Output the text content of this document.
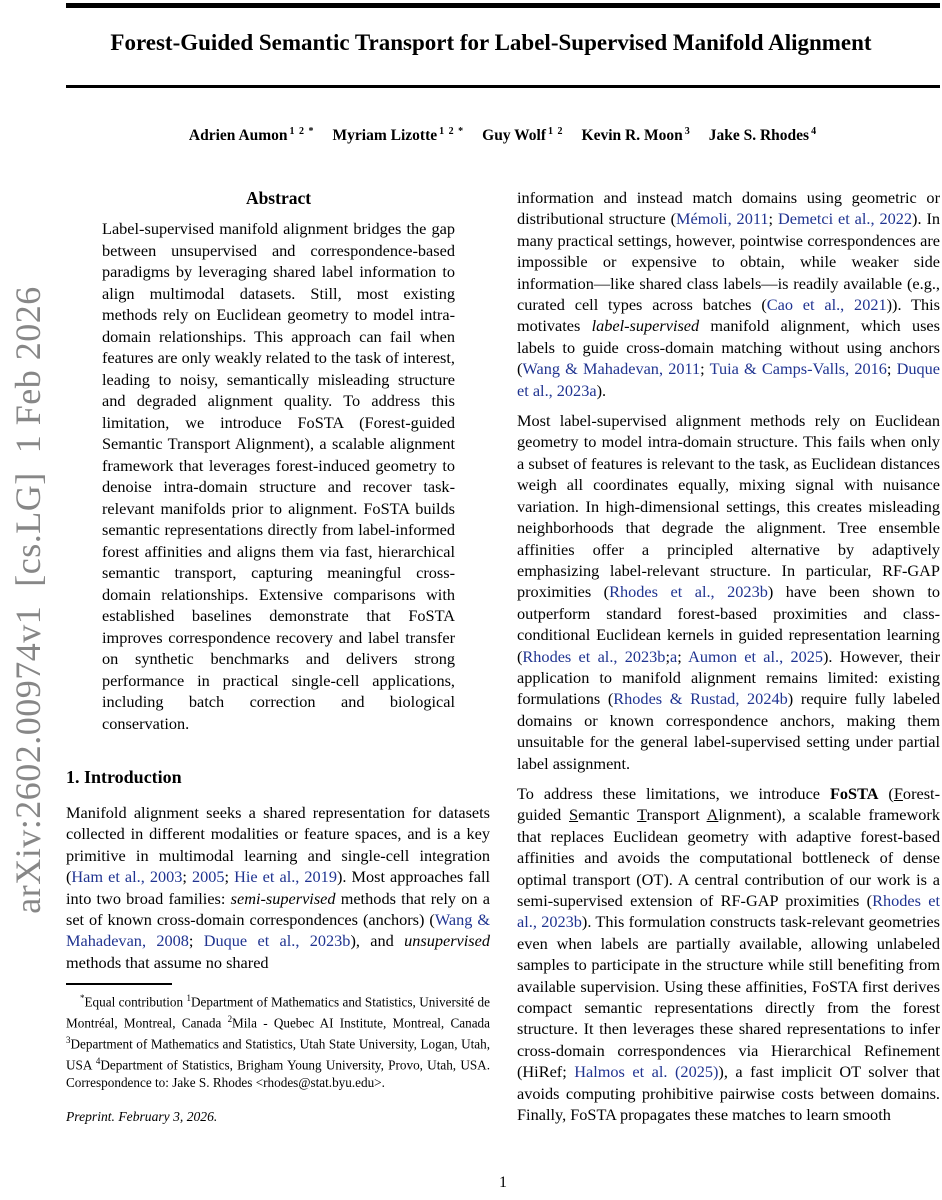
arXiv:2602.00974v1  [cs.LG]  1 Feb 2026
Forest-Guided Semantic Transport for Label-Supervised Manifold Alignment
Adrien Aumon $^{1 2 *}$ Myriam Lizotte $^{1 2 *}$ Guy Wolf $^{1 2}$ Kevin R. Moon $^3$ Jake S. Rhodes $^4$
Abstract
Label-supervised manifold alignment bridges the gap between unsupervised and correspondence-based paradigms by leveraging shared label information to align multimodal datasets. Still, most existing methods rely on Euclidean geometry to model intra-domain relationships. This approach can fail when features are only weakly related to the task of interest, leading to noisy, semantically misleading structure and degraded alignment quality. To address this limitation, we introduce FoSTA (Forest-guided Semantic Transport Alignment), a scalable alignment framework that leverages forest-induced geometry to denoise intra-domain structure and recover task-relevant manifolds prior to alignment. FoSTA builds semantic representations directly from label-informed forest affinities and aligns them via fast, hierarchical semantic transport, capturing meaningful cross-domain relationships. Extensive comparisons with established baselines demonstrate that FoSTA improves correspondence recovery and label transfer on synthetic benchmarks and delivers strong performance in practical single-cell applications, including batch correction and biological conservation.
1. Introduction
Manifold alignment seeks a shared representation for datasets collected in different modalities or feature spaces, and is a key primitive in multimodal learning and single-cell integration (Ham et al., 2003; 2005; Hie et al., 2019). Most approaches fall into two broad families: semi-supervised methods that rely on a set of known cross-domain correspondences (anchors) (Wang & Mahadevan, 2008; Duque et al., 2023b), and unsupervised methods that assume no shared
*Equal contribution $^1$Department of Mathematics and Statistics, Université de Montréal, Montreal, Canada $^2$Mila - Quebec AI Institute, Montreal, Canada $^3$Department of Mathematics and Statistics, Utah State University, Logan, Utah, USA $^4$Department of Statistics, Brigham Young University, Provo, Utah, USA. Correspondence to: Jake S. Rhodes <rhodes@stat.byu.edu>.
Preprint. February 3, 2026.
information and instead match domains using geometric or distributional structure (Mémoli, 2011; Demetci et al., 2022). In many practical settings, however, pointwise correspondences are impossible or expensive to obtain, while weaker side information—like shared class labels—is readily available (e.g., curated cell types across batches (Cao et al., 2021)). This motivates label-supervised manifold alignment, which uses labels to guide cross-domain matching without using anchors (Wang & Mahadevan, 2011; Tuia & Camps-Valls, 2016; Duque et al., 2023a).
Most label-supervised alignment methods rely on Euclidean geometry to model intra-domain structure. This fails when only a subset of features is relevant to the task, as Euclidean distances weigh all coordinates equally, mixing signal with nuisance variation. In high-dimensional settings, this creates misleading neighborhoods that degrade the alignment. Tree ensemble affinities offer a principled alternative by adaptively emphasizing label-relevant structure. In particular, RF-GAP proximities (Rhodes et al., 2023b) have been shown to outperform standard forest-based proximities and class-conditional Euclidean kernels in guided representation learning (Rhodes et al., 2023b;a; Aumon et al., 2025). However, their application to manifold alignment remains limited: existing formulations (Rhodes & Rustad, 2024b) require fully labeled domains or known correspondence anchors, making them unsuitable for the general label-supervised setting under partial label assignment.
To address these limitations, we introduce FoSTA (Forest-guided Semantic Transport Alignment), a scalable framework that replaces Euclidean geometry with adaptive forest-based affinities and avoids the computational bottleneck of dense optimal transport (OT). A central contribution of our work is a semi-supervised extension of RF-GAP proximities (Rhodes et al., 2023b). This formulation constructs task-relevant geometries even when labels are partially available, allowing unlabeled samples to participate in the structure while still benefiting from available supervision. Using these affinities, FoSTA first derives compact semantic representations directly from the forest structure. It then leverages these shared representations to infer cross-domain correspondences via Hierarchical Refinement (HiRef; Halmos et al. (2025)), a fast implicit OT solver that avoids computing prohibitive pairwise costs between domains. Finally, FoSTA propagates these matches to learn smooth
1
